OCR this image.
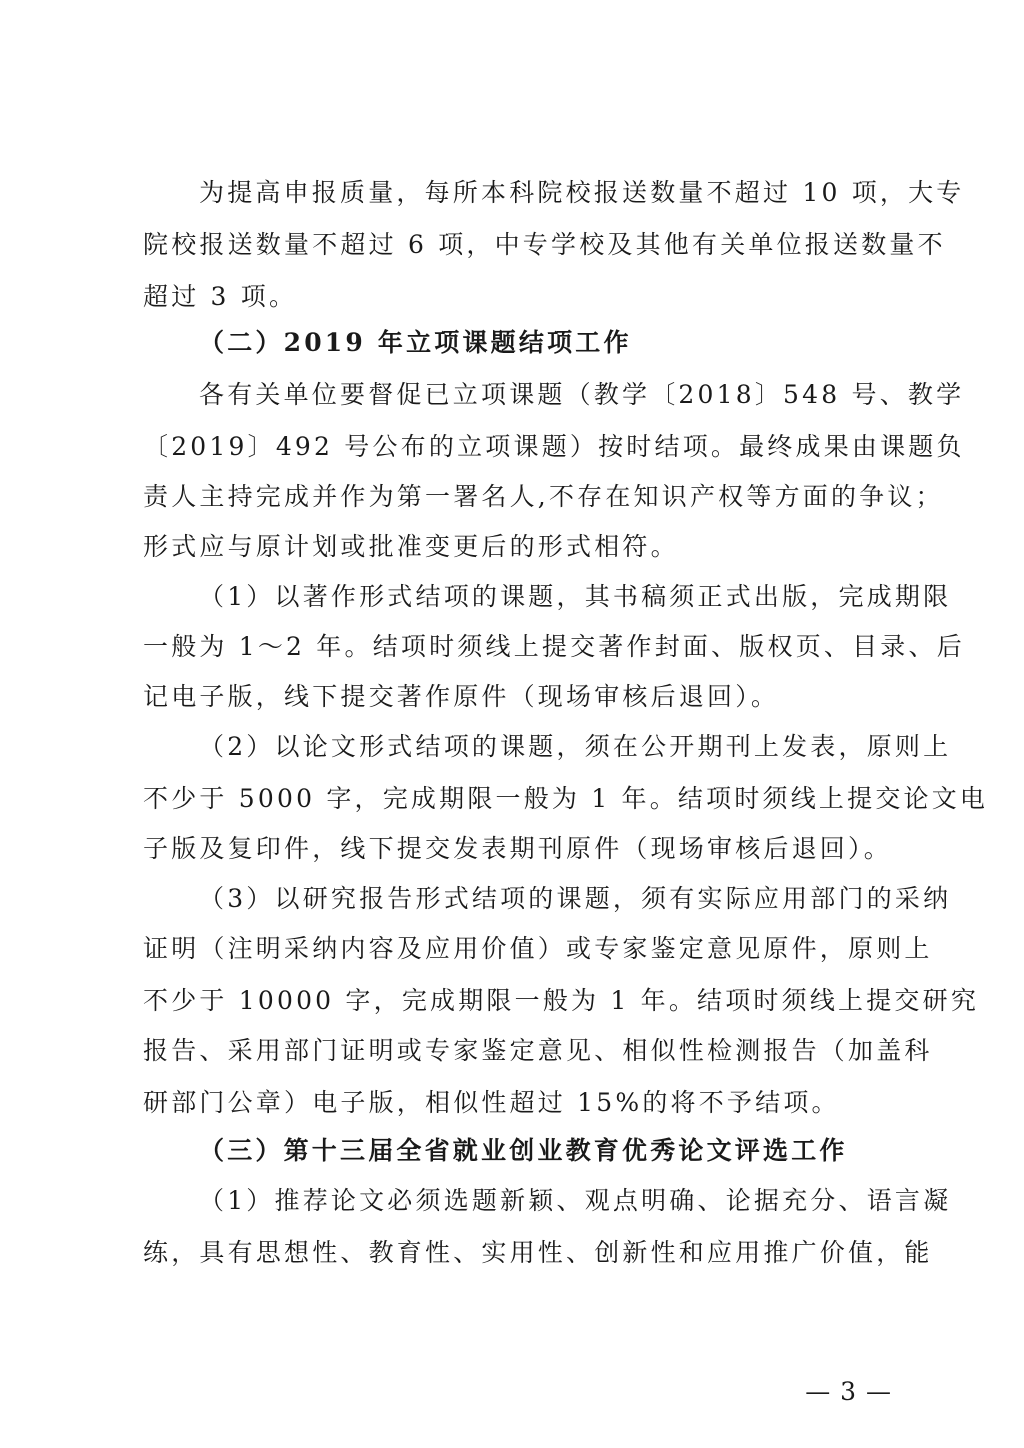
为提高申报质量，每所本科院校报送数量不超过 10 项，大专
院校报送数量不超过 6 项，中专学校及其他有关单位报送数量不
超过 3 项。
（二）2019 年立项课题结项工作
各有关单位要督促已立项课题（教学〔2018〕548 号、教学
〔2019〕492 号公布的立项课题）按时结项。最终成果由课题负
责人主持完成并作为第一署名人,不存在知识产权等方面的争议；
形式应与原计划或批准变更后的形式相符。
（1）以著作形式结项的课题，其书稿须正式出版，完成期限
一般为 1～2 年。结项时须线上提交著作封面、版权页、目录、后
记电子版，线下提交著作原件（现场审核后退回）。
（2）以论文形式结项的课题，须在公开期刊上发表，原则上
不少于 5000 字，完成期限一般为 1 年。结项时须线上提交论文电
子版及复印件，线下提交发表期刊原件（现场审核后退回）。
（3）以研究报告形式结项的课题，须有实际应用部门的采纳
证明（注明采纳内容及应用价值）或专家鉴定意见原件，原则上
不少于 10000 字，完成期限一般为 1 年。结项时须线上提交研究
报告、采用部门证明或专家鉴定意见、相似性检测报告（加盖科
研部门公章）电子版，相似性超过 15%的将不予结项。
（三）第十三届全省就业创业教育优秀论文评选工作
（1）推荐论文必须选题新颖、观点明确、论据充分、语言凝
练，具有思想性、教育性、实用性、创新性和应用推广价值，能
— 3 —
